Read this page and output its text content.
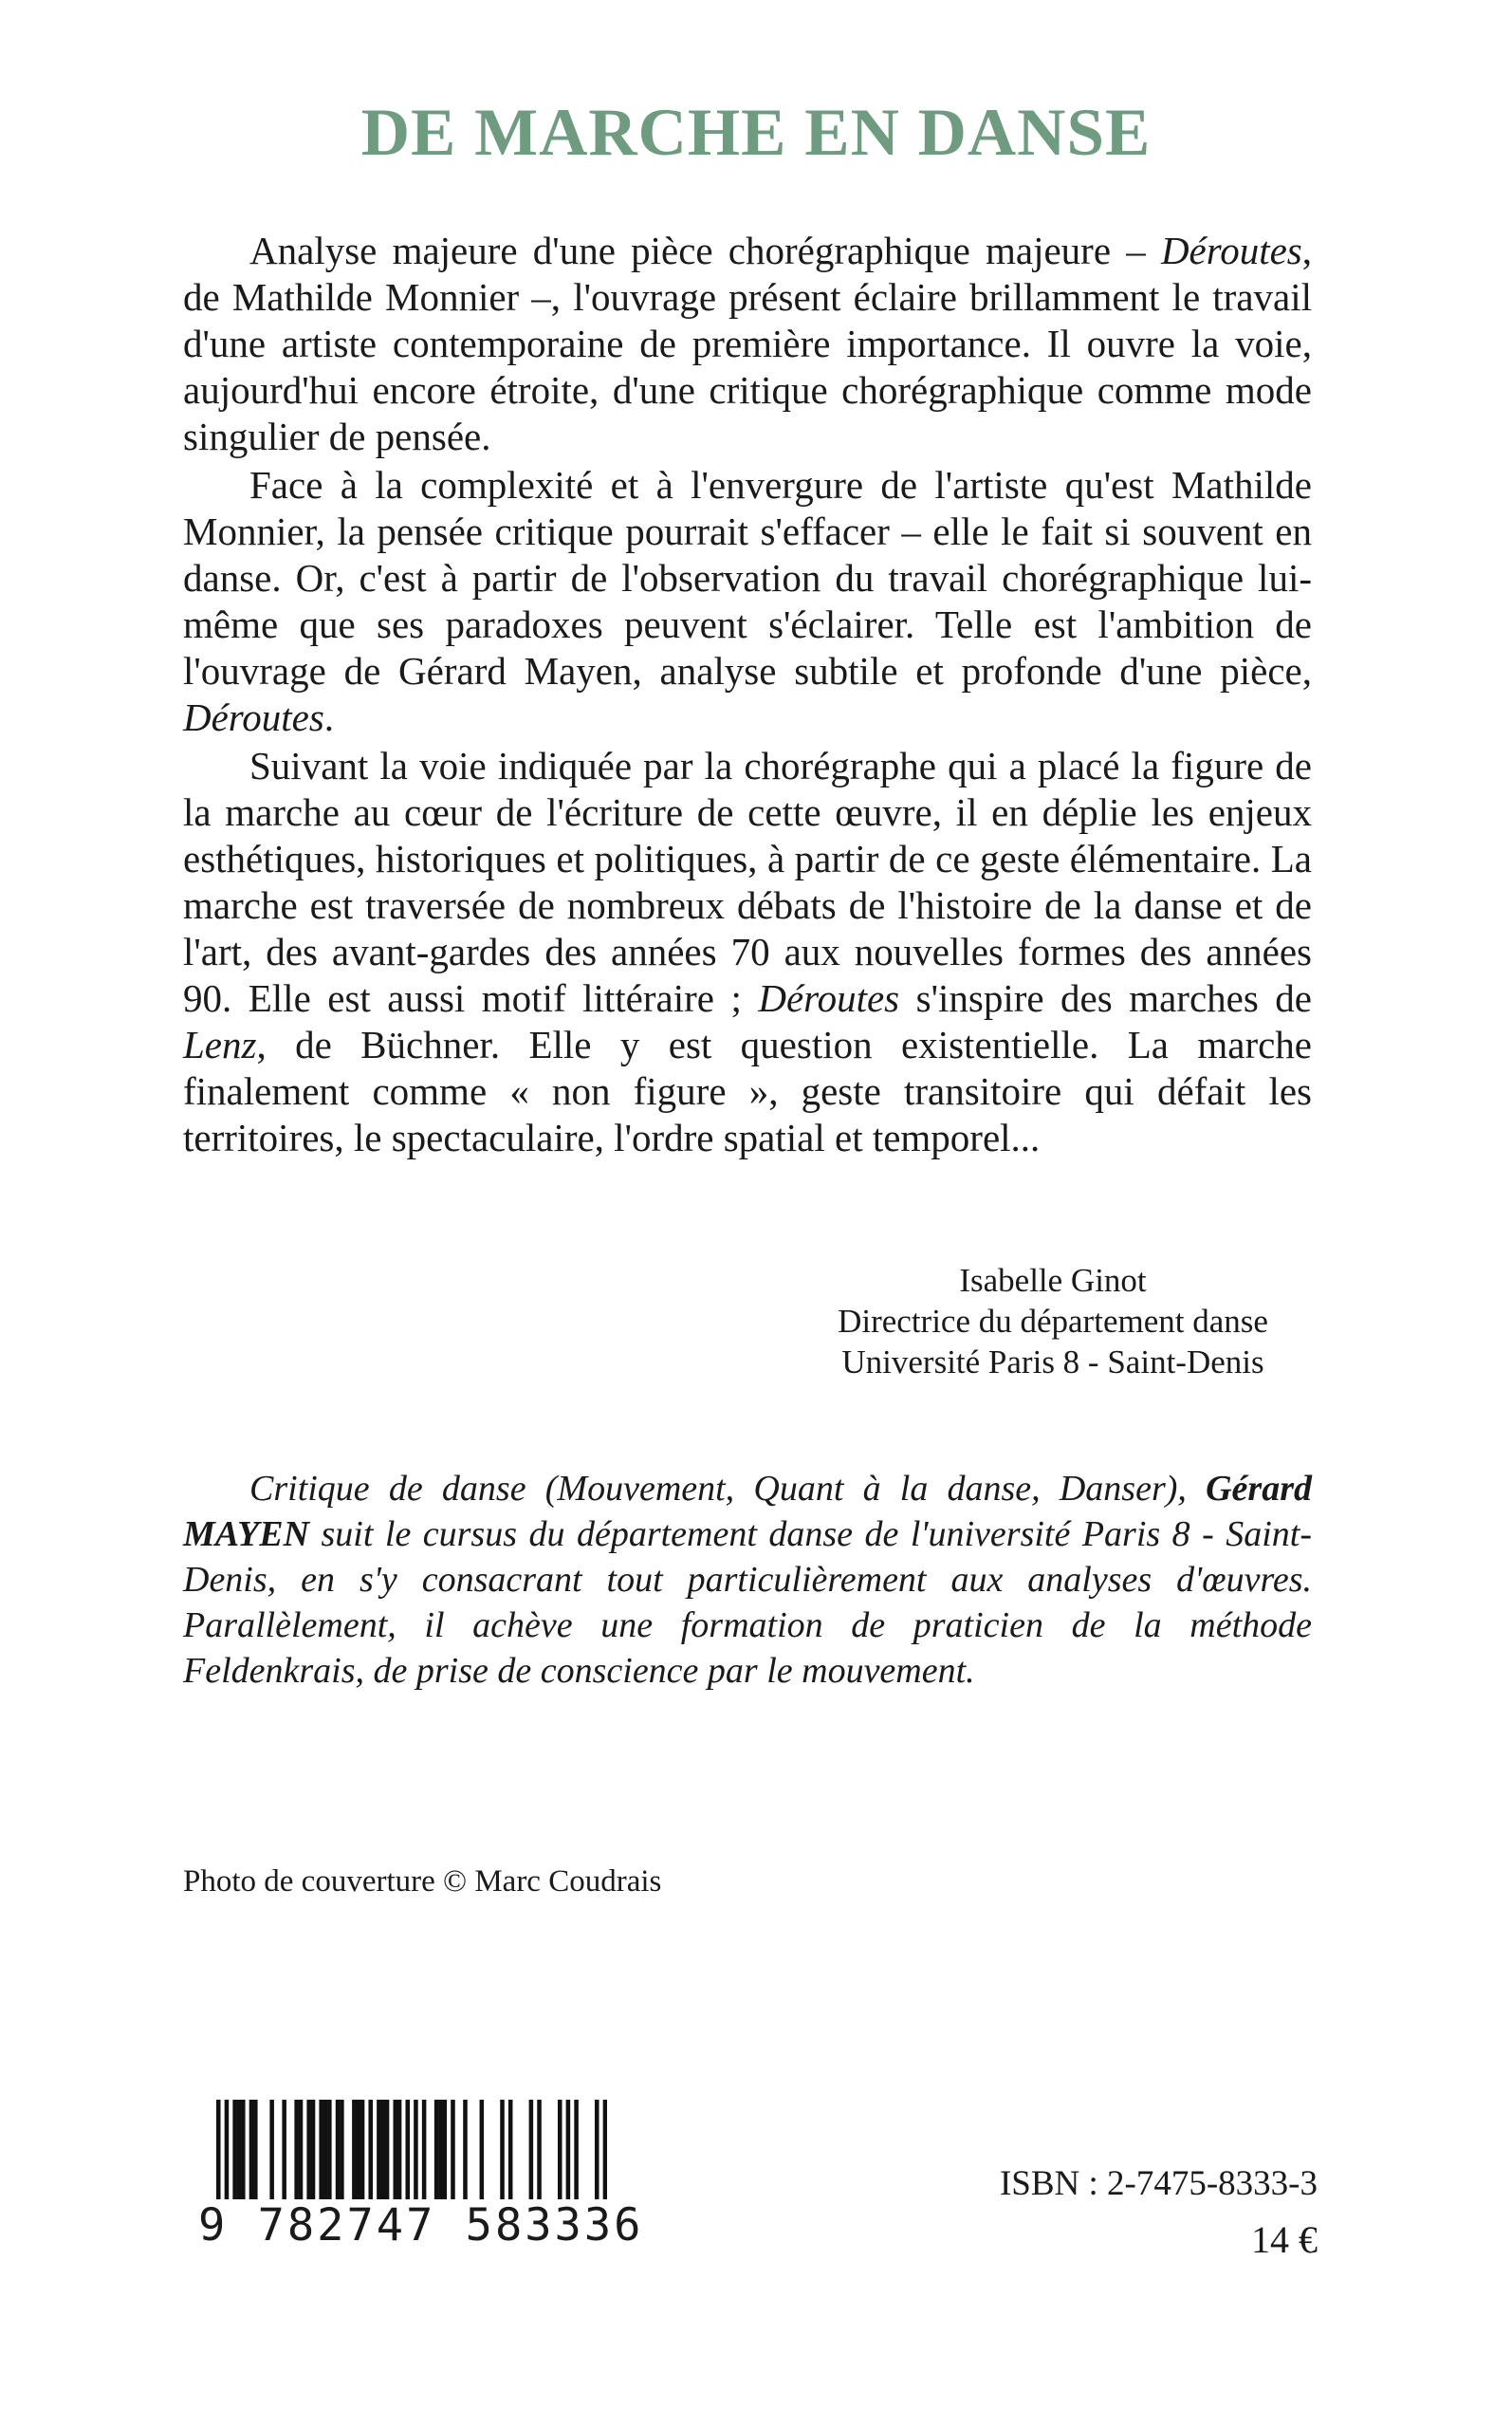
DE MARCHE EN DANSE

Analyse majeure d'une pièce chorégraphique majeure – Déroutes, de Mathilde Monnier –, l'ouvrage présent éclaire brillamment le travail d'une artiste contemporaine de première importance. Il ouvre la voie, aujourd'hui encore étroite, d'une critique chorégraphique comme mode singulier de pensée.

Face à la complexité et à l'envergure de l'artiste qu'est Mathilde Monnier, la pensée critique pourrait s'effacer – elle le fait si souvent en danse. Or, c'est à partir de l'observation du travail chorégraphique lui-même que ses paradoxes peuvent s'éclairer. Telle est l'ambition de l'ouvrage de Gérard Mayen, analyse subtile et profonde d'une pièce, Déroutes.

Suivant la voie indiquée par la chorégraphe qui a placé la figure de la marche au cœur de l'écriture de cette œuvre, il en déplie les enjeux esthétiques, historiques et politiques, à partir de ce geste élémentaire. La marche est traversée de nombreux débats de l'histoire de la danse et de l'art, des avant-gardes des années 70 aux nouvelles formes des années 90. Elle est aussi motif littéraire ; Déroutes s'inspire des marches de Lenz, de Büchner. Elle y est question existentielle. La marche finalement comme « non figure », geste transitoire qui défait les territoires, le spectaculaire, l'ordre spatial et temporel...

Isabelle Ginot
Directrice du département danse
Université Paris 8 - Saint-Denis

Critique de danse (Mouvement, Quant à la danse, Danser), Gérard MAYEN suit le cursus du département danse de l'université Paris 8 - Saint-Denis, en s'y consacrant tout particulièrement aux analyses d'œuvres. Parallèlement, il achève une formation de praticien de la méthode Feldenkrais, de prise de conscience par le mouvement.

Photo de couverture © Marc Coudrais
9 782747 583336
ISBN : 2-7475-8333-3
14 €
